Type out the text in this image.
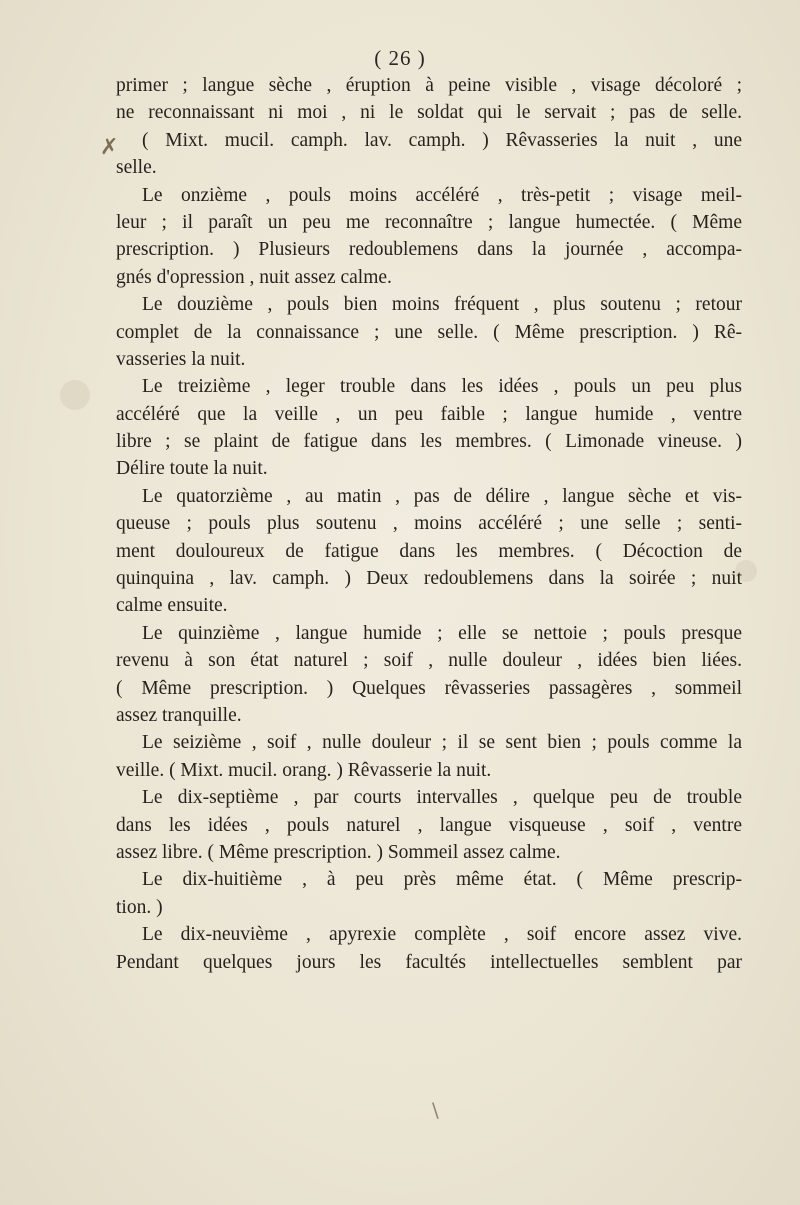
( 26 )
✗
primer ; langue sèche , éruption à peine visible , visage décoloré ;
ne reconnaissant ni moi , ni le soldat qui le servait ; pas de selle.
( Mixt. mucil. camph. lav. camph. ) Rêvasseries la nuit , une
selle.
Le onzième , pouls moins accéléré , très-petit ; visage meil-
leur ; il paraît un peu me reconnaître ; langue humectée. ( Même
prescription. ) Plusieurs redoublemens dans la journée , accompa-
gnés d'opression , nuit assez calme.
Le douzième , pouls bien moins fréquent , plus soutenu ; retour
complet de la connaissance ; une selle. ( Même prescription. ) Rê-
vasseries la nuit.
Le treizième , leger trouble dans les idées , pouls un peu plus
accéléré que la veille , un peu faible ; langue humide , ventre
libre ; se plaint de fatigue dans les membres. ( Limonade vineuse. )
Délire toute la nuit.
Le quatorzième , au matin , pas de délire , langue sèche et vis-
queuse ; pouls plus soutenu , moins accéléré ; une selle ; senti-
ment douloureux de fatigue dans les membres. ( Décoction de
quinquina , lav. camph. ) Deux redoublemens dans la soirée ; nuit
calme ensuite.
Le quinzième , langue humide ; elle se nettoie ; pouls presque
revenu à son état naturel ; soif , nulle douleur , idées bien liées.
( Même prescription. ) Quelques rêvasseries passagères , sommeil
assez tranquille.
Le seizième , soif , nulle douleur ; il se sent bien ; pouls comme la
veille. ( Mixt. mucil. orang. ) Rêvasserie la nuit.
Le dix-septième , par courts intervalles , quelque peu de trouble
dans les idées , pouls naturel , langue visqueuse , soif , ventre
assez libre. ( Même prescription. ) Sommeil assez calme.
Le dix-huitième , à peu près même état. ( Même prescrip-
tion. )
Le dix-neuvième , apyrexie complète , soif encore assez vive.
Pendant quelques jours les facultés intellectuelles semblent par
\
